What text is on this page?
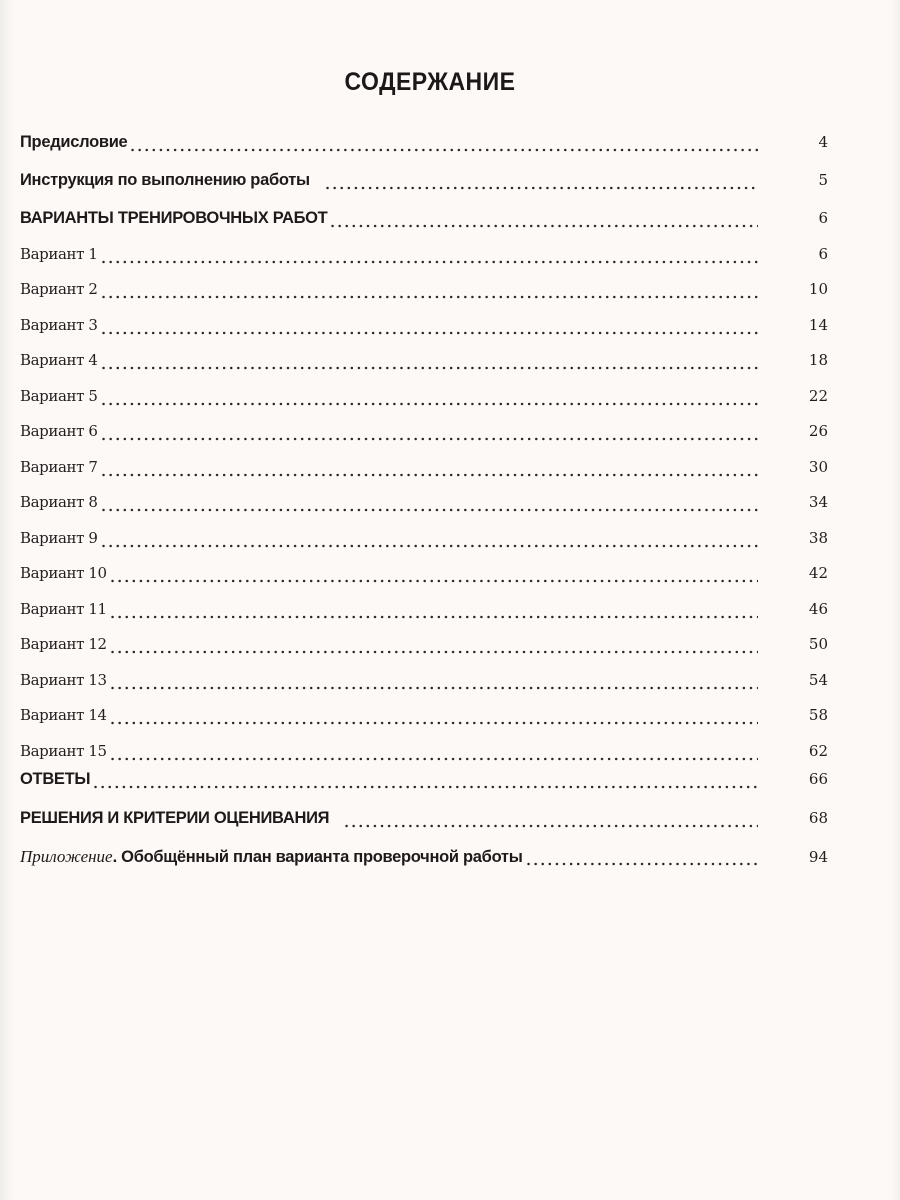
СОДЕРЖАНИЕ
Предисловие	4
Инструкция по выполнению работы	5
ВАРИАНТЫ ТРЕНИРОВОЧНЫХ РАБОТ	6
Вариант 1	6
Вариант 2	10
Вариант 3	14
Вариант 4	18
Вариант 5	22
Вариант 6	26
Вариант 7	30
Вариант 8	34
Вариант 9	38
Вариант 10	42
Вариант 11	46
Вариант 12	50
Вариант 13	54
Вариант 14	58
Вариант 15	62
ОТВЕТЫ	66
РЕШЕНИЯ И КРИТЕРИИ ОЦЕНИВАНИЯ	68
Приложение. Обобщённый план варианта проверочной работы	94
